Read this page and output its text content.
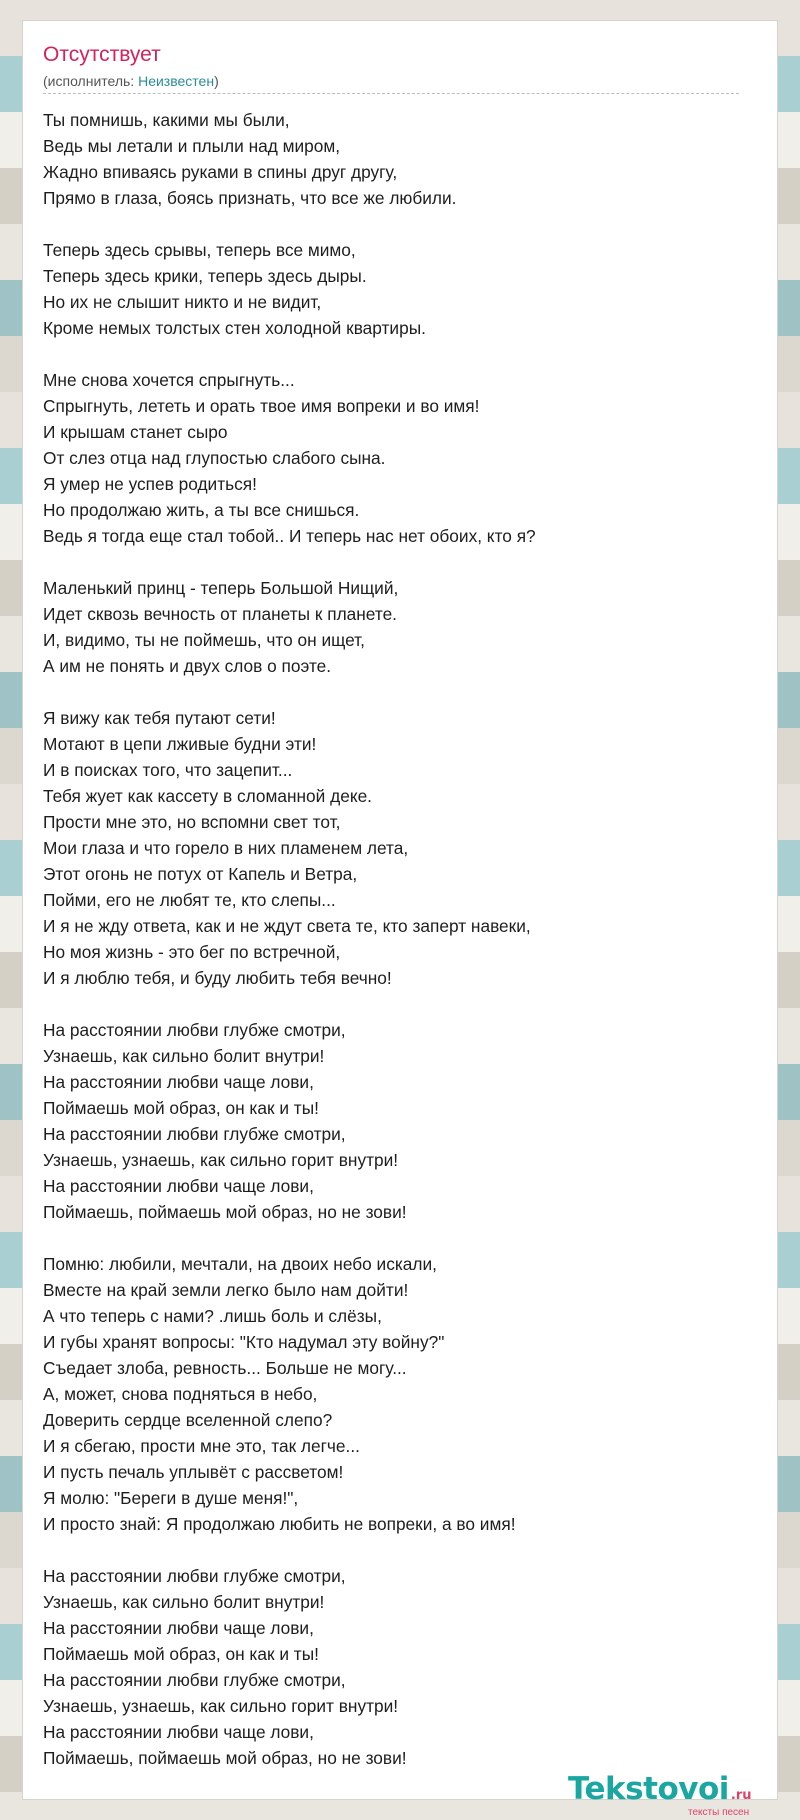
Отсутствует
(исполнитель: Неизвестен)
Ты помнишь, какими мы были,
Ведь мы летали и плыли над миром,
Жадно впиваясь руками в спины друг другу,
Прямо в глаза, боясь признать, что все же любили.
Теперь здесь срывы, теперь все мимо,
Теперь здесь крики, теперь здесь дыры.
Но их не слышит никто и не видит,
Кроме немых толстых стен холодной квартиры.
Мне снова хочется спрыгнуть...
Спрыгнуть, лететь и орать твое имя вопреки и во имя!
И крышам станет сыро
От слез отца над глупостью слабого сына.
Я умер не успев родиться!
Но продолжаю жить, а ты все снишься.
Ведь я тогда еще стал тобой.. И теперь нас нет обоих, кто я?
Маленький принц - теперь Большой Нищий,
Идет сквозь вечность от планеты к планете.
И, видимо, ты не поймешь, что он ищет,
А им не понять и двух слов о поэте.
Я вижу как тебя путают сети!
Мотают в цепи лживые будни эти!
И в поисках того, что зацепит...
Тебя жует как кассету в сломанной деке.
Прости мне это, но вспомни свет тот,
Мои глаза и что горело в них пламенем лета,
Этот огонь не потух от Капель и Ветра,
Пойми, его не любят те, кто слепы...
И я не жду ответа, как и не ждут света те, кто заперт навеки,
Но моя жизнь - это бег по встречной,
И я люблю тебя, и буду любить тебя вечно!
На расстоянии любви глубже смотри,
Узнаешь, как сильно болит внутри!
На расстоянии любви чаще лови,
Поймаешь мой образ, он как и ты!
На расстоянии любви глубже смотри,
Узнаешь, узнаешь, как сильно горит внутри!
На расстоянии любви чаще лови,
Поймаешь, поймаешь мой образ, но не зови!
Помню: любили, мечтали, на двоих небо искали,
Вместе на край земли легко было нам дойти!
А что теперь с нами? .лишь боль и слёзы,
И губы хранят вопросы: "Кто надумал эту войну?"
Съедает злоба, ревность... Больше не могу...
А, может, снова подняться в небо,
Доверить сердце вселенной слепо?
И я сбегаю, прости мне это, так легче...
И пусть печаль уплывёт с рассветом!
Я молю: "Береги в душе меня!",
И просто знай: Я продолжаю любить не вопреки, а во имя!
На расстоянии любви глубже смотри,
Узнаешь, как сильно болит внутри!
На расстоянии любви чаще лови,
Поймаешь мой образ, он как и ты!
На расстоянии любви глубже смотри,
Узнаешь, узнаешь, как сильно горит внутри!
На расстоянии любви чаще лови,
Поймаешь, поймаешь мой образ, но не зови!
Tekstovoi .ru
тексты песен
